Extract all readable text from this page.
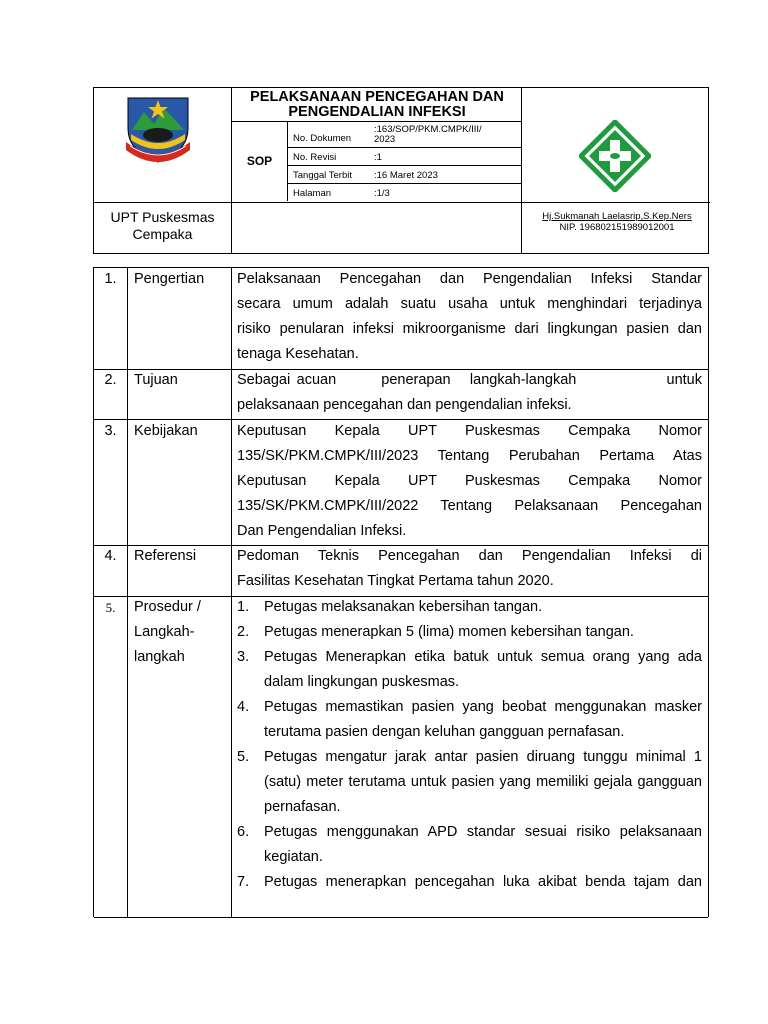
PELAKSANAAN PENCEGAHAN DAN
PENGENDALIAN INFEKSI
SOP
No. Dokumen
:163/SOP/PKM.CMPK/III/
2023
No. Revisi	:1
Tanggal Terbit :16 Maret 2023
Halaman	:1/3
UPT Puskesmas
Cempaka
Hj.Sukmanah Laelasrip,S.Kep.Ners
NIP. 196802151989012001
1.	Pengertian	Pelaksanaan Pencegahan dan Pengendalian Infeksi Standar
secara umum adalah suatu usaha untuk menghindari terjadinya
risiko penularan infeksi mikroorganisme dari lingkungan pasien dan
tenaga Kesehatan.
2.	Tujuan	Sebagai acuan       penerapan   langkah-langkah              untuk
pelaksanaan pencegahan dan pengendalian infeksi.
3.	Kebijakan	Keputusan Kepala UPT Puskesmas Cempaka Nomor
135/SK/PKM.CMPK/III/2023 Tentang Perubahan Pertama Atas
Keputusan Kepala UPT Puskesmas Cempaka Nomor
135/SK/PKM.CMPK/III/2022 Tentang Pelaksanaan Pencegahan
Dan Pengendalian Infeksi.
4.	Referensi	Pedoman Teknis Pencegahan dan Pengendalian Infeksi di
Fasilitas Kesehatan Tingkat Pertama tahun 2020.
5.	Prosedur /
Langkah-
langkah
1. Petugas melaksanakan kebersihan tangan.
2. Petugas menerapkan 5 (lima) momen kebersihan tangan.
3. Petugas Menerapkan etika batuk untuk semua orang yang ada dalam lingkungan puskesmas.
4. Petugas memastikan pasien yang beobat menggunakan masker terutama pasien dengan keluhan gangguan pernafasan.
5. Petugas mengatur jarak antar pasien diruang tunggu minimal 1 (satu) meter terutama untuk pasien yang memiliki gejala gangguan pernafasan.
6. Petugas menggunakan APD standar sesuai risiko pelaksanaan kegiatan.
7. Petugas menerapkan pencegahan luka akibat benda tajam dan
